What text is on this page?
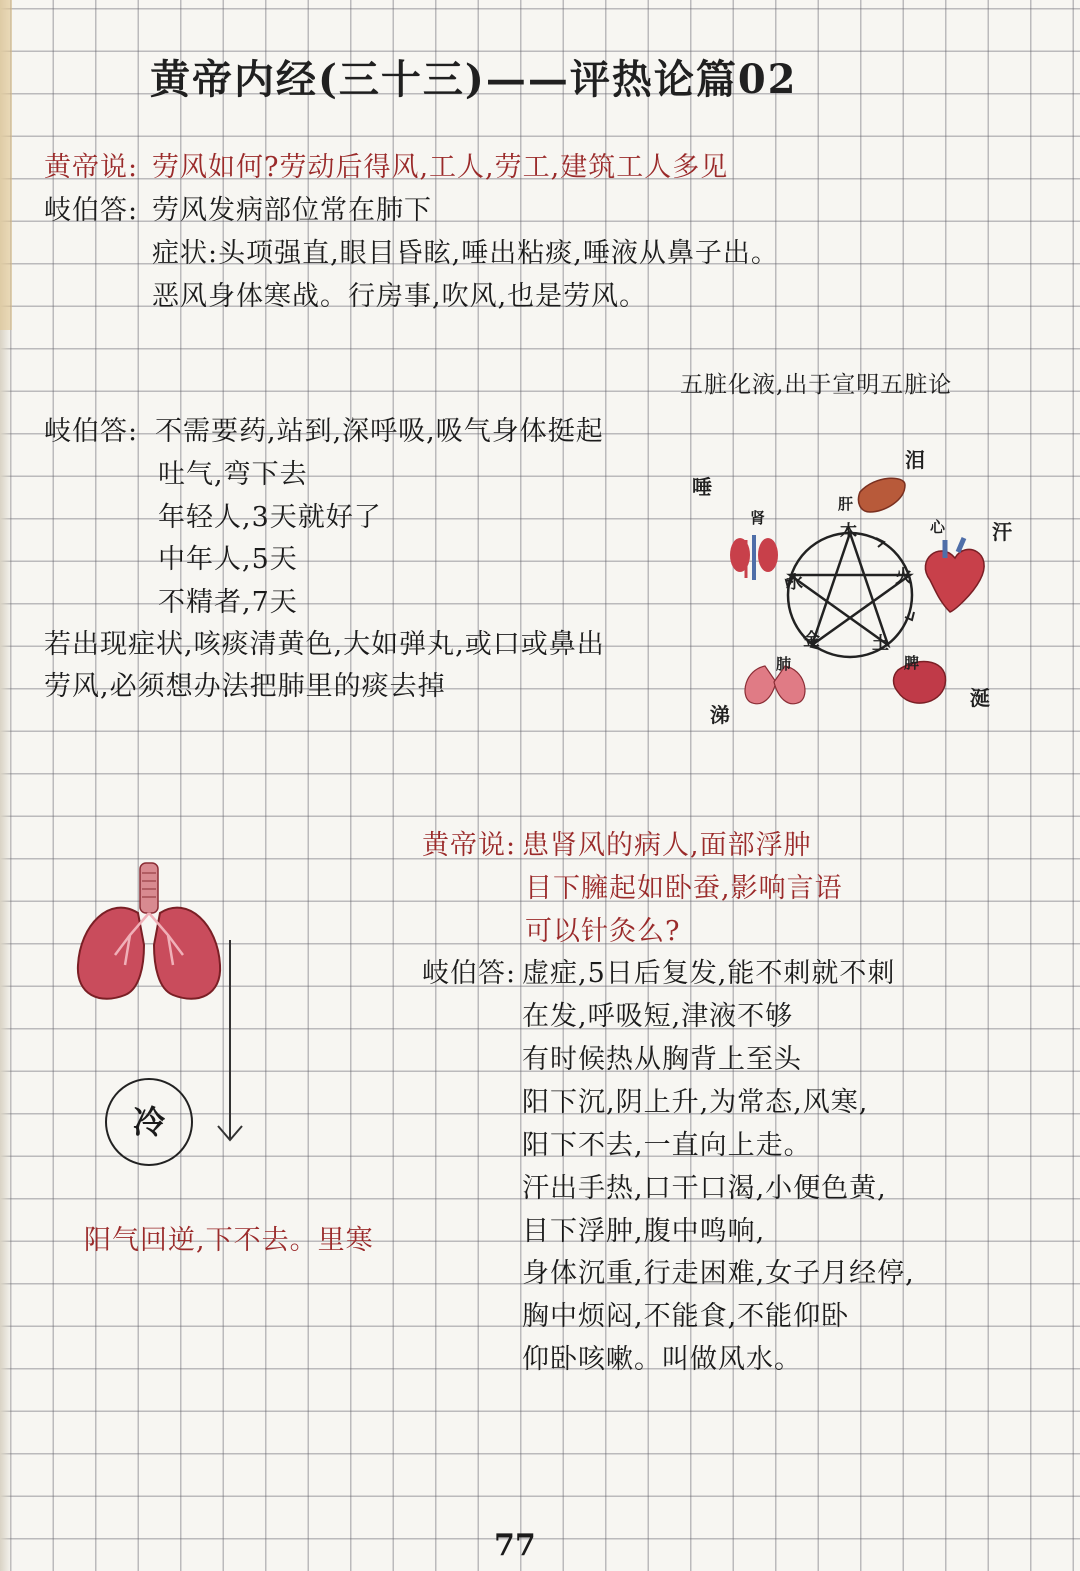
黄帝内经(三十三)——评热论篇02
黄帝说: 劳风如何?劳动后得风,工人,劳工,建筑工人多见
岐伯答: 劳风发病部位常在肺下
症状:头项强直,眼目昏眩,唾出粘痰,唾液从鼻子出。
恶风身体寒战。行房事,吹风,也是劳风。
五脏化液,出于宣明五脏论
岐伯答: 不需要药,站到,深呼吸,吸气身体挺起
吐气,弯下去
年轻人,3天就好了
中年人,5天
不精者,7天
若出现症状,咳痰清黄色,大如弹丸,或口或鼻出
劳风,必须想办法把肺里的痰去掉
泪
唾
汗
涕
涎
肝
肾	心
肺	脾
木
火
土
金
水
冷
阳气回逆,下不去。里寒
黄帝说: 患肾风的病人,面部浮肿
目下臃起如卧蚕,影响言语
可以针灸么?
岐伯答: 虚症,5日后复发,能不刺就不刺
在发,呼吸短,津液不够
有时候热从胸背上至头
阳下沉,阴上升,为常态,风寒,
阳下不去,一直向上走。
汗出手热,口干口渴,小便色黄,
目下浮肿,腹中鸣响,
身体沉重,行走困难,女子月经停,
胸中烦闷,不能食,不能仰卧
仰卧咳嗽。叫做风水。
77
